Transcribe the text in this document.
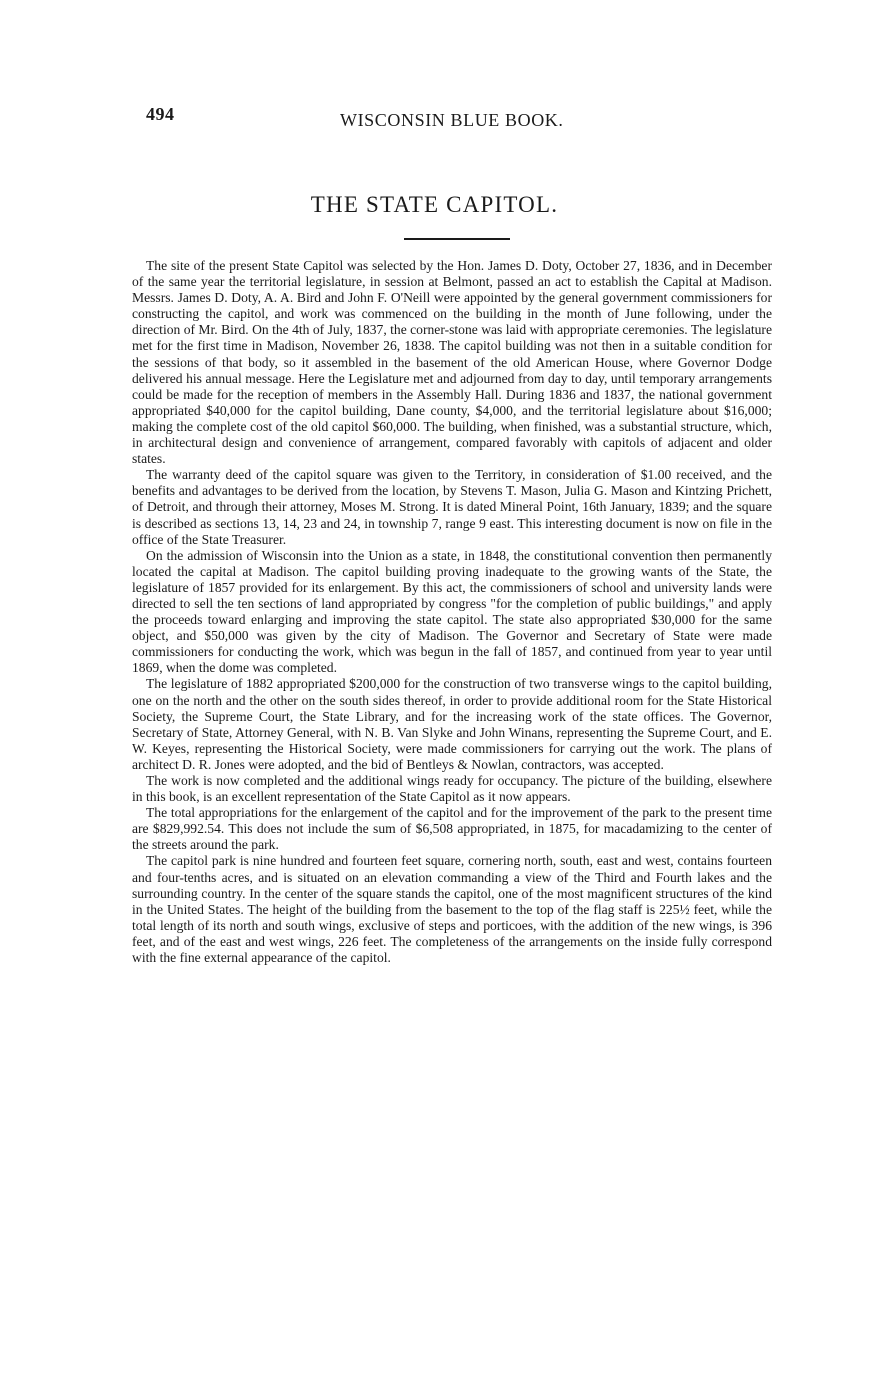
494	WISCONSIN BLUE BOOK.
THE STATE CAPITOL.

The site of the present State Capitol was selected by the Hon. James D. Doty, October 27, 1836, and in December of the same year the territorial legislature, in session at Belmont, passed an act to establish the Capital at Madison. Messrs. James D. Doty, A. A. Bird and John F. O'Neill were appointed by the general government commissioners for constructing the capitol, and work was commenced on the building in the month of June following, under the direction of Mr. Bird. On the 4th of July, 1837, the corner-stone was laid with appropriate ceremonies. The legislature met for the first time in Madison, November 26, 1838. The capitol building was not then in a suitable condition for the sessions of that body, so it assembled in the basement of the old American House, where Governor Dodge delivered his annual message. Here the Legislature met and adjourned from day to day, until temporary arrangements could be made for the reception of members in the Assembly Hall. During 1836 and 1837, the national government appropriated $40,000 for the capitol building, Dane county, $4,000, and the territorial legislature about $16,000; making the complete cost of the old capitol $60,000. The building, when finished, was a substantial structure, which, in architectural design and convenience of arrangement, compared favorably with capitols of adjacent and older states.

The warranty deed of the capitol square was given to the Territory, in consideration of $1.00 received, and the benefits and advantages to be derived from the location, by Stevens T. Mason, Julia G. Mason and Kintzing Prichett, of Detroit, and through their attorney, Moses M. Strong. It is dated Mineral Point, 16th January, 1839; and the square is described as sections 13, 14, 23 and 24, in township 7, range 9 east. This interesting document is now on file in the office of the State Treasurer.

On the admission of Wisconsin into the Union as a state, in 1848, the constitutional convention then permanently located the capital at Madison. The capitol building proving inadequate to the growing wants of the State, the legislature of 1857 provided for its enlargement. By this act, the commissioners of school and university lands were directed to sell the ten sections of land appropriated by congress "for the completion of public buildings," and apply the proceeds toward enlarging and improving the state capitol. The state also appropriated $30,000 for the same object, and $50,000 was given by the city of Madison. The Governor and Secretary of State were made commissioners for conducting the work, which was begun in the fall of 1857, and continued from year to year until 1869, when the dome was completed.

The legislature of 1882 appropriated $200,000 for the construction of two transverse wings to the capitol building, one on the north and the other on the south sides thereof, in order to provide additional room for the State Historical Society, the Supreme Court, the State Library, and for the increasing work of the state offices. The Governor, Secretary of State, Attorney General, with N. B. Van Slyke and John Winans, representing the Supreme Court, and E. W. Keyes, representing the Historical Society, were made commissioners for carrying out the work. The plans of architect D. R. Jones were adopted, and the bid of Bentleys & Nowlan, contractors, was accepted.

The work is now completed and the additional wings ready for occupancy. The picture of the building, elsewhere in this book, is an excellent representation of the State Capitol as it now appears.

The total appropriations for the enlargement of the capitol and for the improvement of the park to the present time are $829,992.54. This does not include the sum of $6,508 appropriated, in 1875, for macadamizing to the center of the streets around the park.

The capitol park is nine hundred and fourteen feet square, cornering north, south, east and west, contains fourteen and four-tenths acres, and is situated on an elevation commanding a view of the Third and Fourth lakes and the surrounding country. In the center of the square stands the capitol, one of the most magnificent structures of the kind in the United States. The height of the building from the basement to the top of the flag staff is 225½ feet, while the total length of its north and south wings, exclusive of steps and porticoes, with the addition of the new wings, is 396 feet, and of the east and west wings, 226 feet. The completeness of the arrangements on the inside fully correspond with the fine external appearance of the capitol.
